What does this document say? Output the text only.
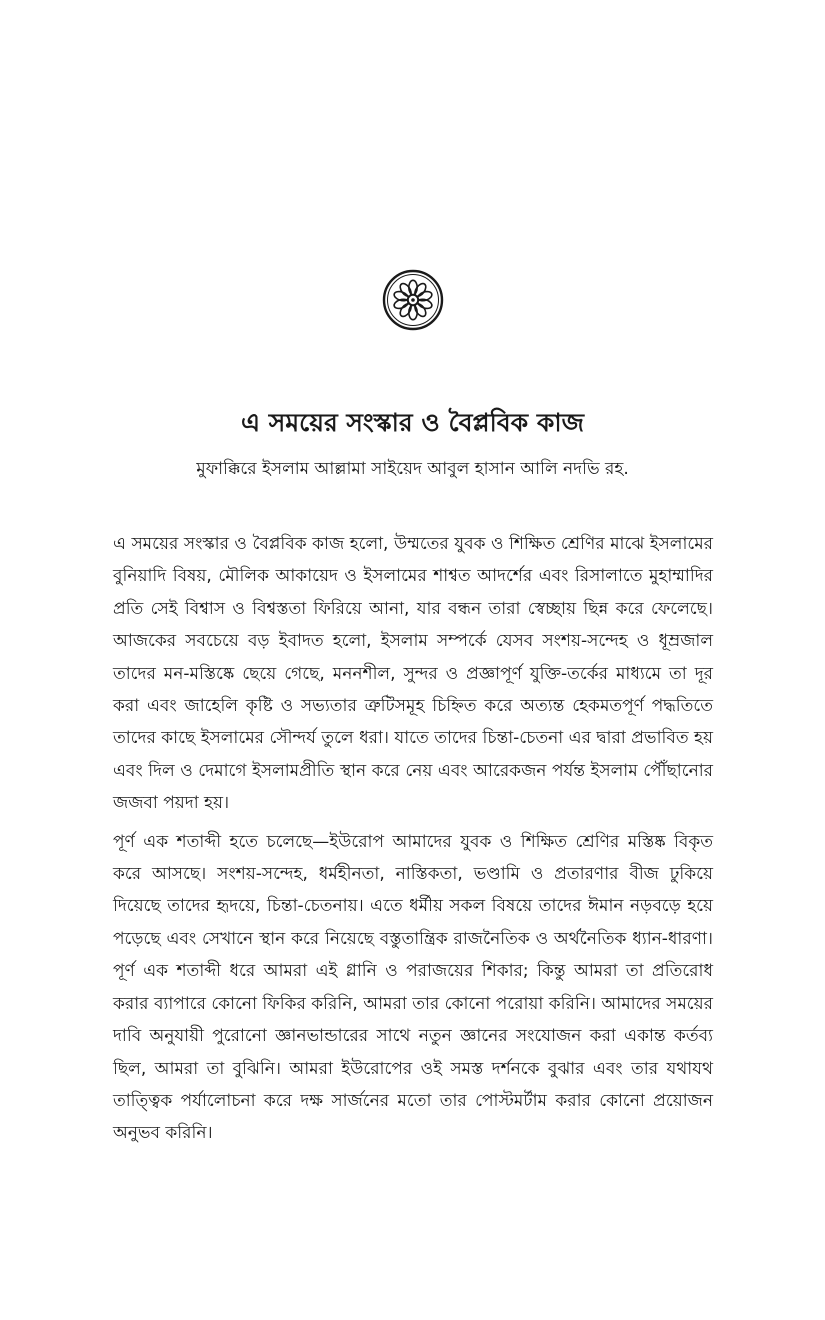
এ সময়ের সংস্কার ও বৈপ্লবিক কাজ
মুফাক্কিরে ইসলাম আল্লামা সাইয়েদ আবুল হাসান আলি নদভি রহ.

এ সময়ের সংস্কার ও বৈপ্লবিক কাজ হলো, উম্মতের যুবক ও শিক্ষিত শ্রেণির মাঝে ইসলামের বুনিয়াদি বিষয়, মৌলিক আকায়েদ ও ইসলামের শাশ্বত আদর্শের এবং রিসালাতে মুহাম্মাদির প্রতি সেই বিশ্বাস ও বিশ্বস্ততা ফিরিয়ে আনা, যার বন্ধন তারা স্বেচ্ছায় ছিন্ন করে ফেলেছে। আজকের সবচেয়ে বড় ইবাদত হলো, ইসলাম সম্পর্কে যেসব সংশয়-সন্দেহ ও ধূম্রজাল তাদের মন-মস্তিষ্কে ছেয়ে গেছে, মননশীল, সুন্দর ও প্রজ্ঞাপূর্ণ যুক্তি-তর্কের মাধ্যমে তা দূর করা এবং জাহেলি কৃষ্টি ও সভ্যতার ত্রুটিসমূহ চিহ্নিত করে অত্যন্ত হেকমতপূর্ণ পদ্ধতিতে তাদের কাছে ইসলামের সৌন্দর্য তুলে ধরা। যাতে তাদের চিন্তা-চেতনা এর দ্বারা প্রভাবিত হয় এবং দিল ও দেমাগে ইসলামপ্রীতি স্থান করে নেয় এবং আরেকজন পর্যন্ত ইসলাম পৌঁছানোর জজবা পয়দা হয়।

পূর্ণ এক শতাব্দী হতে চলেছে—ইউরোপ আমাদের যুবক ও শিক্ষিত শ্রেণির মস্তিষ্ক বিকৃত করে আসছে। সংশয়-সন্দেহ, ধর্মহীনতা, নাস্তিকতা, ভণ্ডামি ও প্রতারণার বীজ ঢুকিয়ে দিয়েছে তাদের হৃদয়ে, চিন্তা-চেতনায়। এতে ধর্মীয় সকল বিষয়ে তাদের ঈমান নড়বড়ে হয়ে পড়েছে এবং সেখানে স্থান করে নিয়েছে বস্তুতান্ত্রিক রাজনৈতিক ও অর্থনৈতিক ধ্যান-ধারণা। পূর্ণ এক শতাব্দী ধরে আমরা এই গ্লানি ও পরাজয়ের শিকার; কিন্তু আমরা তা প্রতিরোধ করার ব্যাপারে কোনো ফিকির করিনি, আমরা তার কোনো পরোয়া করিনি। আমাদের সময়ের দাবি অনুযায়ী পুরোনো জ্ঞানভান্ডারের সাথে নতুন জ্ঞানের সংযোজন করা একান্ত কর্তব্য ছিল, আমরা তা বুঝিনি। আমরা ইউরোপের ওই সমস্ত দর্শনকে বুঝার এবং তার যথাযথ তাত্ত্বিক পর্যালোচনা করে দক্ষ সার্জনের মতো তার পোস্টমর্টাম করার কোনো প্রয়োজন অনুভব করিনি।
